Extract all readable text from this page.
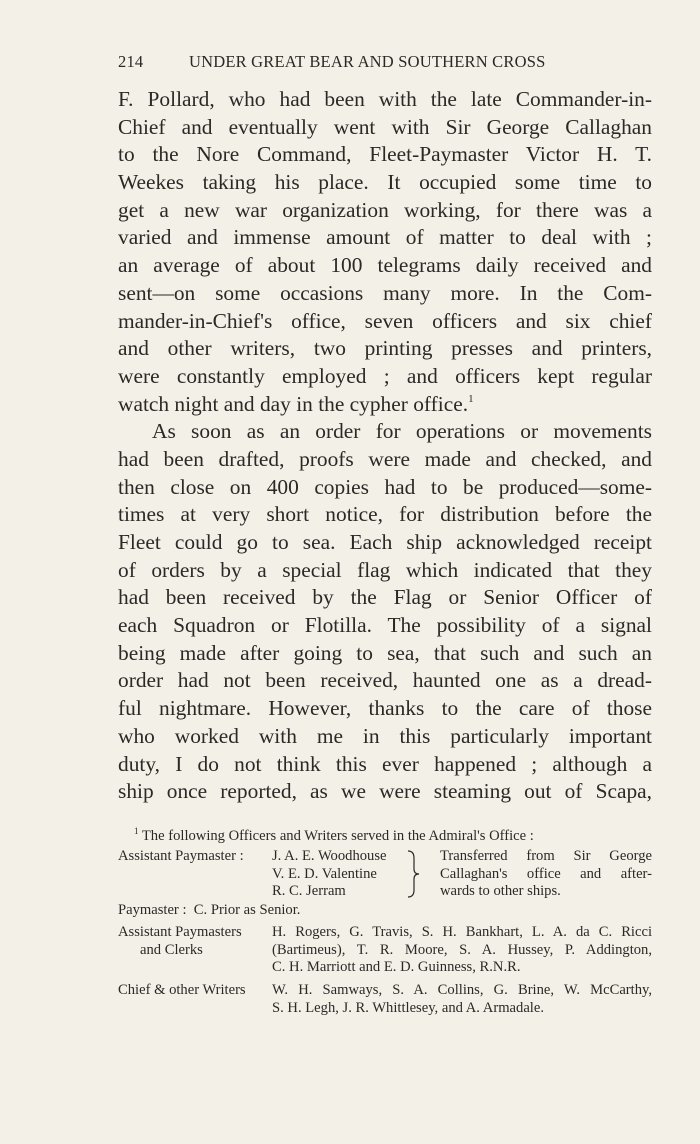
214	UNDER GREAT BEAR AND SOUTHERN CROSS
F. Pollard, who had been with the late Commander-in-
Chief and eventually went with Sir George Callaghan
to the Nore Command, Fleet-Paymaster Victor H. T.
Weekes taking his place. It occupied some time to
get a new war organization working, for there was a
varied and immense amount of matter to deal with ;
an average of about 100 telegrams daily received and
sent—on some occasions many more. In the Com-
mander-in-Chief's office, seven officers and six chief
and other writers, two printing presses and printers,
were constantly employed ; and officers kept regular
watch night and day in the cypher office.$^1$
As soon as an order for operations or movements
had been drafted, proofs were made and checked, and
then close on 400 copies had to be produced—some-
times at very short notice, for distribution before the
Fleet could go to sea. Each ship acknowledged receipt
of orders by a special flag which indicated that they
had been received by the Flag or Senior Officer of
each Squadron or Flotilla. The possibility of a signal
being made after going to sea, that such and such an
order had not been received, haunted one as a dread-
ful nightmare. However, thanks to the care of those
who worked with me in this particularly important
duty, I do not think this ever happened ; although a
ship once reported, as we were steaming out of Scapa,
$^1$ The following Officers and Writers served in the Admiral's Office :
Assistant Paymaster : J. A. E. Woodhouse
V. E. D. Valentine
R. C. Jerram
Transferred from Sir George
Callaghan's office and after-
wards to other ships.
Paymaster : C. Prior as Senior.
Assistant Paymasters
and Clerks
H. Rogers, G. Travis, S. H. Bankhart, L. A. da C. Ricci
(Bartimeus), T. R. Moore, S. A. Hussey, P. Addington,
C. H. Marriott and E. D. Guinness, R.N.R.
Chief & other Writers W. H. Samways, S. A. Collins, G. Brine, W. McCarthy,
S. H. Legh, J. R. Whittlesey, and A. Armadale.
